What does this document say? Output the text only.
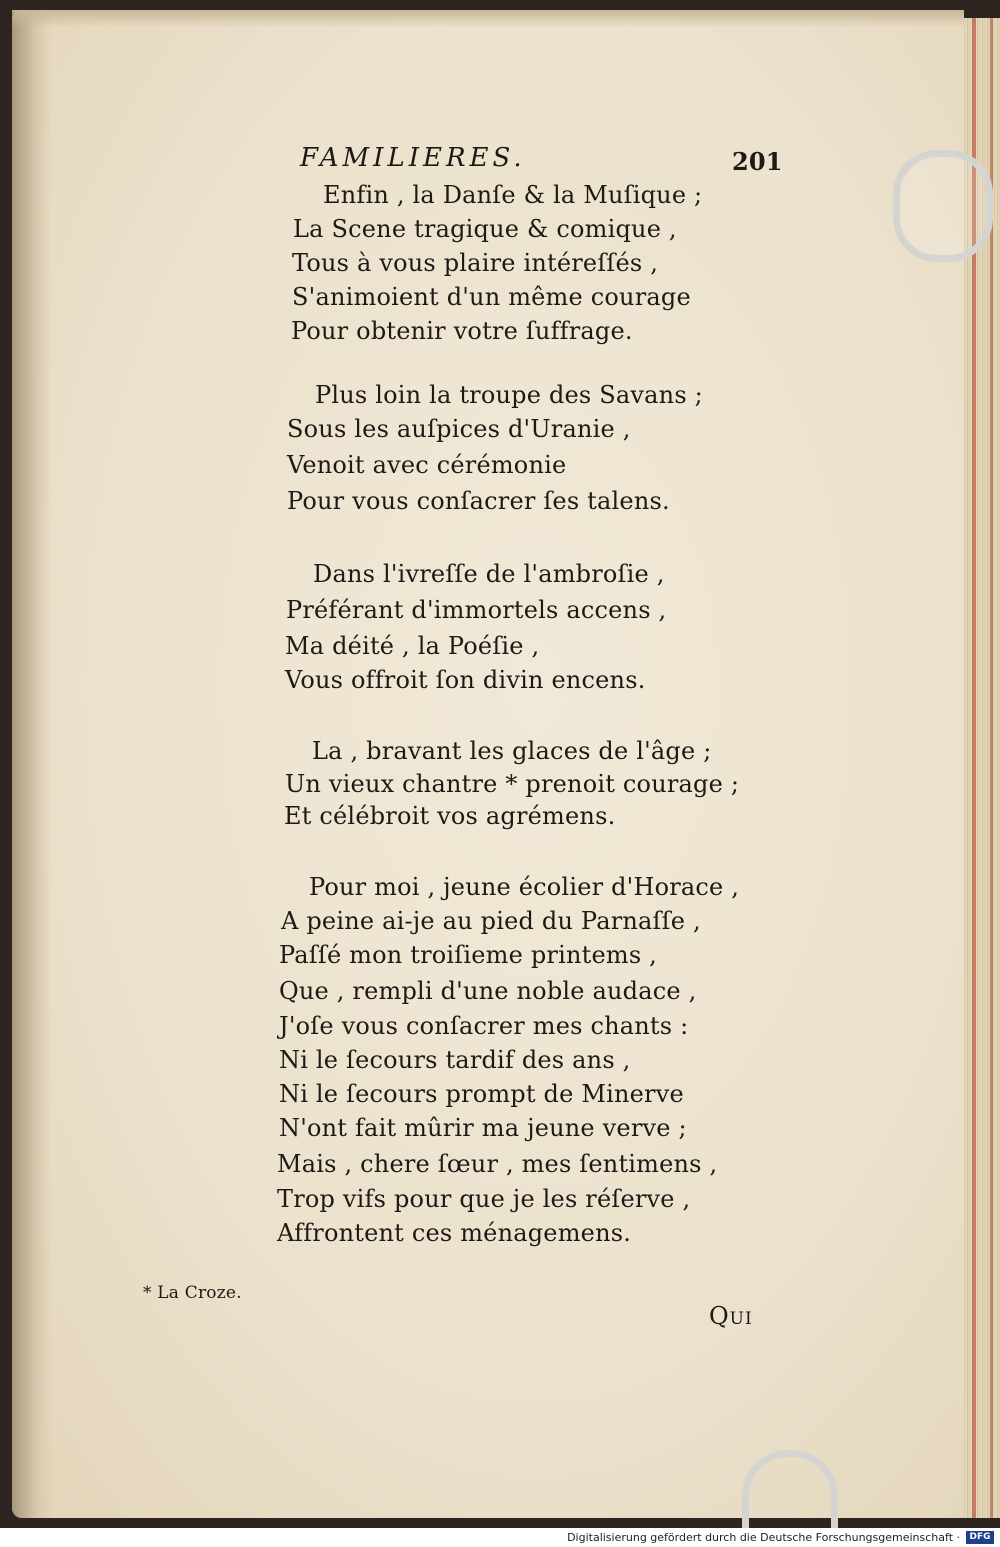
FAMILIERES.	201
Enfin , la Danſe & la Muſique ;
La Scene tragique & comique ,
Tous à vous plaire intéreſſés ,
S'animoient d'un même courage
Pour obtenir votre ſuffrage.
Plus loin la troupe des Savans ;
Sous les auſpices d'Uranie ,
Venoit avec cérémonie
Pour vous conſacrer ſes talens.
Dans l'ivreſſe de l'ambroſie ,
Préférant d'immortels accens ,
Ma déité , la Poéſie ,
Vous offroit ſon divin encens.
La , bravant les glaces de l'âge ;
Un vieux chantre * prenoit courage ;
Et célébroit vos agrémens.
Pour moi , jeune écolier d'Horace ,
A peine ai-je au pied du Parnaſſe ,
Paſſé mon troiſieme printems ,
Que , rempli d'une noble audace ,
J'oſe vous conſacrer mes chants :
Ni le ſecours tardif des ans ,
Ni le ſecours prompt de Minerve
N'ont fait mûrir ma jeune verve ;
Mais , chere ſœur , mes ſentimens ,
Trop vifs pour que je les réſerve ,
Affrontent ces ménagemens.
* La Croze.
Qui
Digitalisierung gefördert durch die Deutsche Forschungsgemeinschaft ·	DFG
